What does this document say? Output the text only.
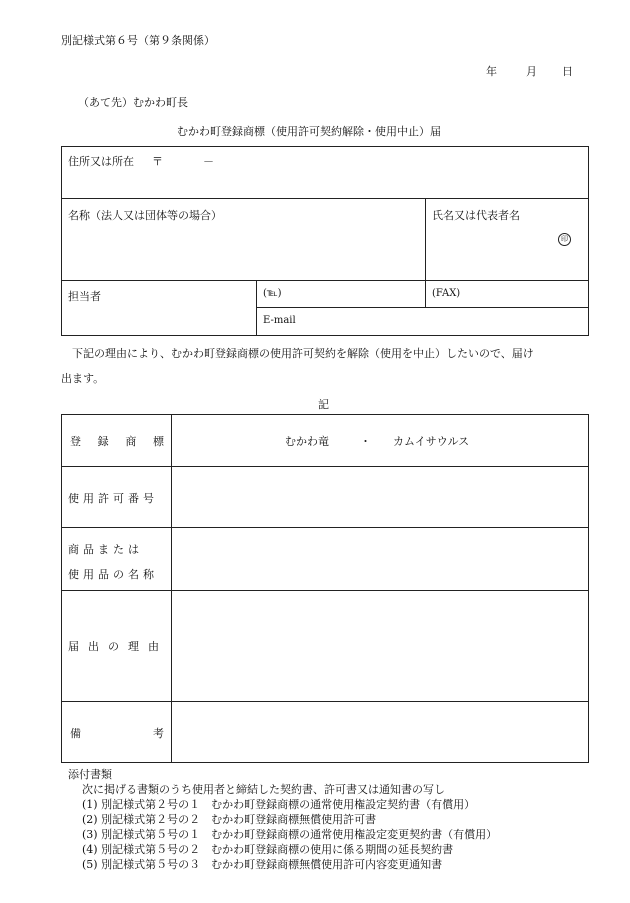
別記様式第６号（第９条関係）
年	月 日
（あて先）むかわ町長
むかわ町登録商標（使用許可契約解除・使用中止）届
住所又は所在 〒	－
名称（法人又は団体等の場合）	氏名又は代表者名
印
担当者	(℡)	(FAX)
E-mail
下記の理由により、むかわ町登録商標の使用許可契約を解除（使用を中止）したいので、届け
出ます。
記
登 録 商 標	むかわ竜	・ カムイサウルス
使用許可番号
商品または
使用品の名称
届出の理由
備	考
添付書類
次に掲げる書類のうち使用者と締結した契約書、許可書又は通知書の写し
(1) 別記様式第２号の１　むかわ町登録商標の通常使用権設定契約書（有償用）
(2) 別記様式第２号の２　むかわ町登録商標無償使用許可書
(3) 別記様式第５号の１　むかわ町登録商標の通常使用権設定変更契約書（有償用）
(4) 別記様式第５号の２　むかわ町登録商標の使用に係る期間の延長契約書
(5) 別記様式第５号の３　むかわ町登録商標無償使用許可内容変更通知書
